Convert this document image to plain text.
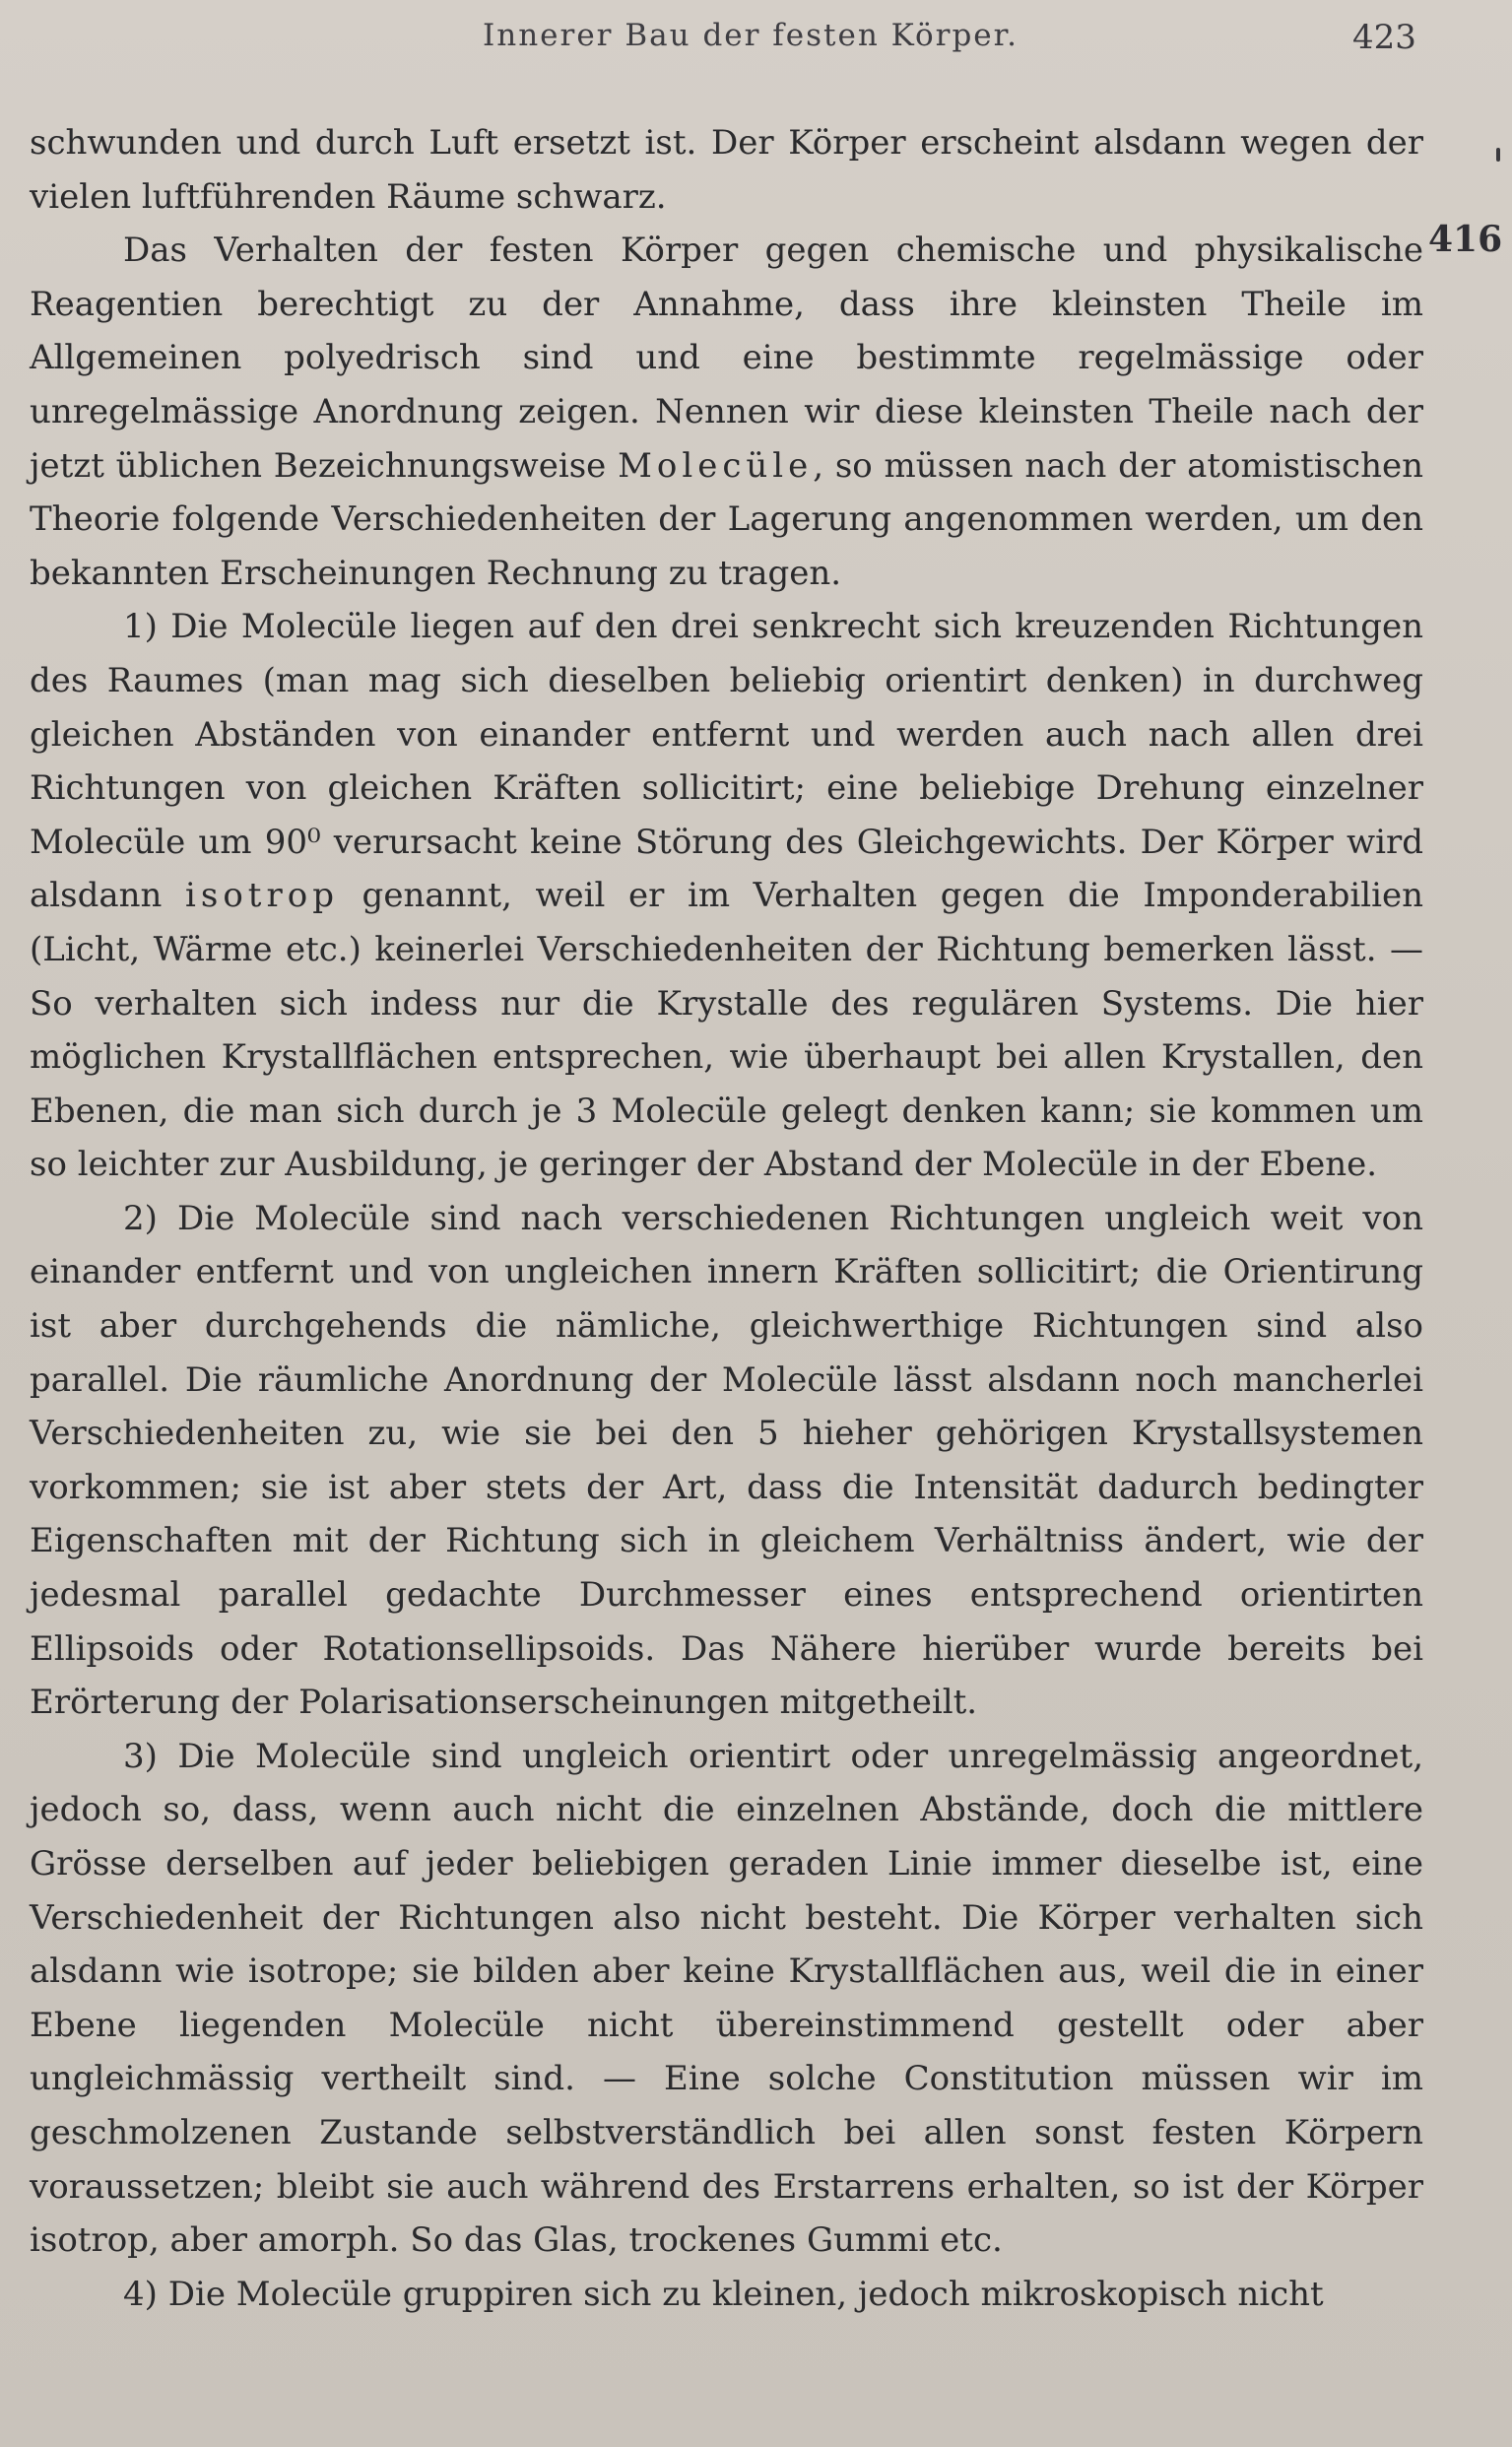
Innerer Bau der festen Körper.	423
416

schwunden und durch Luft ersetzt ist. Der Körper erscheint alsdann wegen der vielen luftführenden Räume schwarz.

Das Verhalten der festen Körper gegen chemische und physikalische Reagentien berechtigt zu der Annahme, dass ihre kleinsten Theile im Allgemeinen polyedrisch sind und eine bestimmte regelmässige oder unregelmässige Anordnung zeigen. Nennen wir diese kleinsten Theile nach der jetzt üblichen Bezeichnungsweise Molecüle, so müssen nach der atomistischen Theorie folgende Verschiedenheiten der Lagerung angenommen werden, um den bekannten Erscheinungen Rechnung zu tragen.

1) Die Molecüle liegen auf den drei senkrecht sich kreuzenden Richtungen des Raumes (man mag sich dieselben beliebig orientirt denken) in durchweg gleichen Abständen von einander entfernt und werden auch nach allen drei Richtungen von gleichen Kräften sollicitirt; eine beliebige Drehung einzelner Molecüle um 90⁰ verursacht keine Störung des Gleichgewichts. Der Körper wird alsdann isotrop genannt, weil er im Verhalten gegen die Imponderabilien (Licht, Wärme etc.) keinerlei Verschiedenheiten der Richtung bemerken lässt. — So verhalten sich indess nur die Krystalle des regulären Systems. Die hier möglichen Krystallflächen entsprechen, wie überhaupt bei allen Krystallen, den Ebenen, die man sich durch je 3 Molecüle gelegt denken kann; sie kommen um so leichter zur Ausbildung, je geringer der Abstand der Molecüle in der Ebene.

2) Die Molecüle sind nach verschiedenen Richtungen ungleich weit von einander entfernt und von ungleichen innern Kräften sollicitirt; die Orientirung ist aber durchgehends die nämliche, gleichwerthige Richtungen sind also parallel. Die räumliche Anordnung der Molecüle lässt alsdann noch mancherlei Verschiedenheiten zu, wie sie bei den 5 hieher gehörigen Krystallsystemen vorkommen; sie ist aber stets der Art, dass die Intensität dadurch bedingter Eigenschaften mit der Richtung sich in gleichem Verhältniss ändert, wie der jedesmal parallel gedachte Durchmesser eines entsprechend orientirten Ellipsoids oder Rotationsellipsoids. Das Nähere hierüber wurde bereits bei Erörterung der Polarisationserscheinungen mitgetheilt.

3) Die Molecüle sind ungleich orientirt oder unregelmässig angeordnet, jedoch so, dass, wenn auch nicht die einzelnen Abstände, doch die mittlere Grösse derselben auf jeder beliebigen geraden Linie immer dieselbe ist, eine Verschiedenheit der Richtungen also nicht besteht. Die Körper verhalten sich alsdann wie isotrope; sie bilden aber keine Krystallflächen aus, weil die in einer Ebene liegenden Molecüle nicht übereinstimmend gestellt oder aber ungleichmässig vertheilt sind. — Eine solche Constitution müssen wir im geschmolzenen Zustande selbstverständlich bei allen sonst festen Körpern voraussetzen; bleibt sie auch während des Erstarrens erhalten, so ist der Körper isotrop, aber amorph. So das Glas, trockenes Gummi etc.

4) Die Molecüle gruppiren sich zu kleinen, jedoch mikroskopisch nicht
